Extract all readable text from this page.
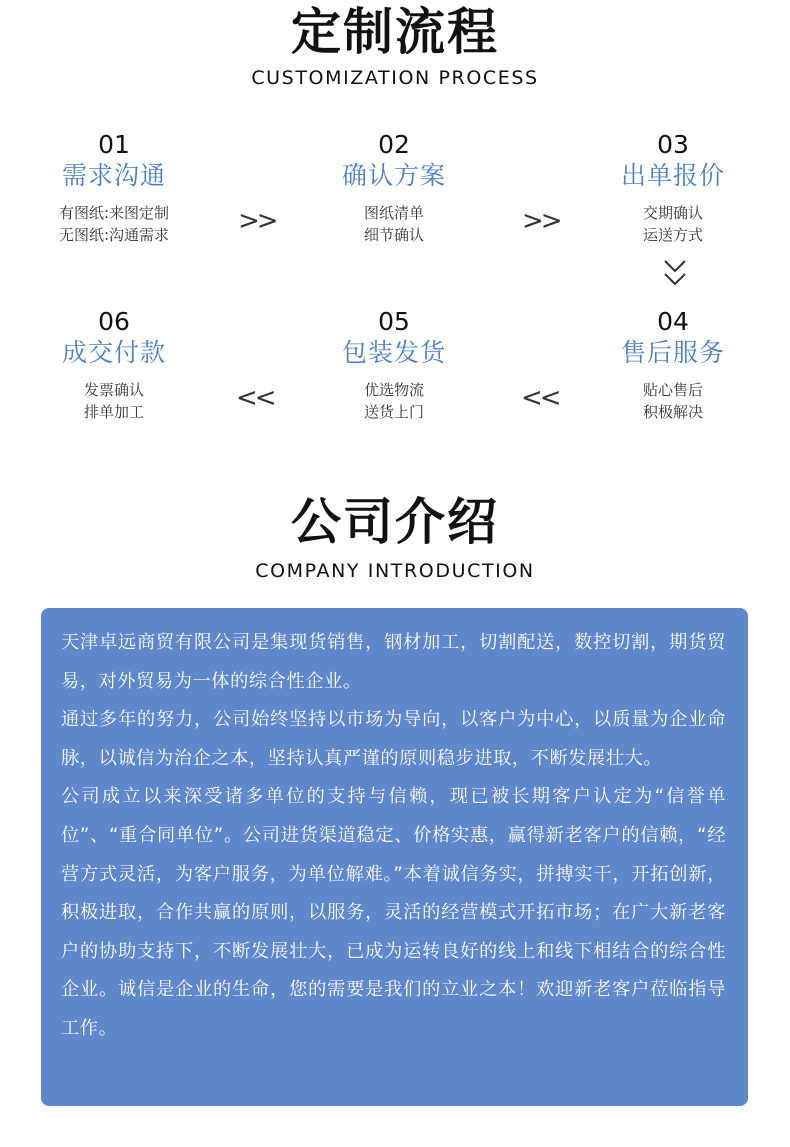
定制流程
CUSTOMIZATION PROCESS
01
需求沟通
有图纸:来图定制
无图纸:沟通需求	>>
02
确认方案
图纸清单
细节确认	>>
03
出单报价
交期确认
运送方式
06
成交付款
发票确认
排单加工	<<
05
包装发货
优选物流
送货上门	<<
04
售后服务
贴心售后
积极解决
公司介绍
COMPANY INTRODUCTION

天津卓远商贸有限公司是集现货销售，钢材加工，切割配送，数控切割，期货贸易，对外贸易为一体的综合性企业。

通过多年的努力，公司始终坚持以市场为导向，以客户为中心，以质量为企业命脉，以诚信为治企之本，坚持认真严谨的原则稳步进取，不断发展壮大。

公司成立以来深受诸多单位的支持与信赖，现已被长期客户认定为“信誉单位”、“重合同单位”。公司进货渠道稳定、价格实惠，赢得新老客户的信赖，“经营方式灵活，为客户服务，为单位解难。”本着诚信务实，拼搏实干，开拓创新，积极进取，合作共赢的原则，以服务，灵活的经营模式开拓市场；在广大新老客户的协助支持下，不断发展壮大，已成为运转良好的线上和线下相结合的综合性企业。诚信是企业的生命，您的需要是我们的立业之本！欢迎新老客户莅临指导工作。
